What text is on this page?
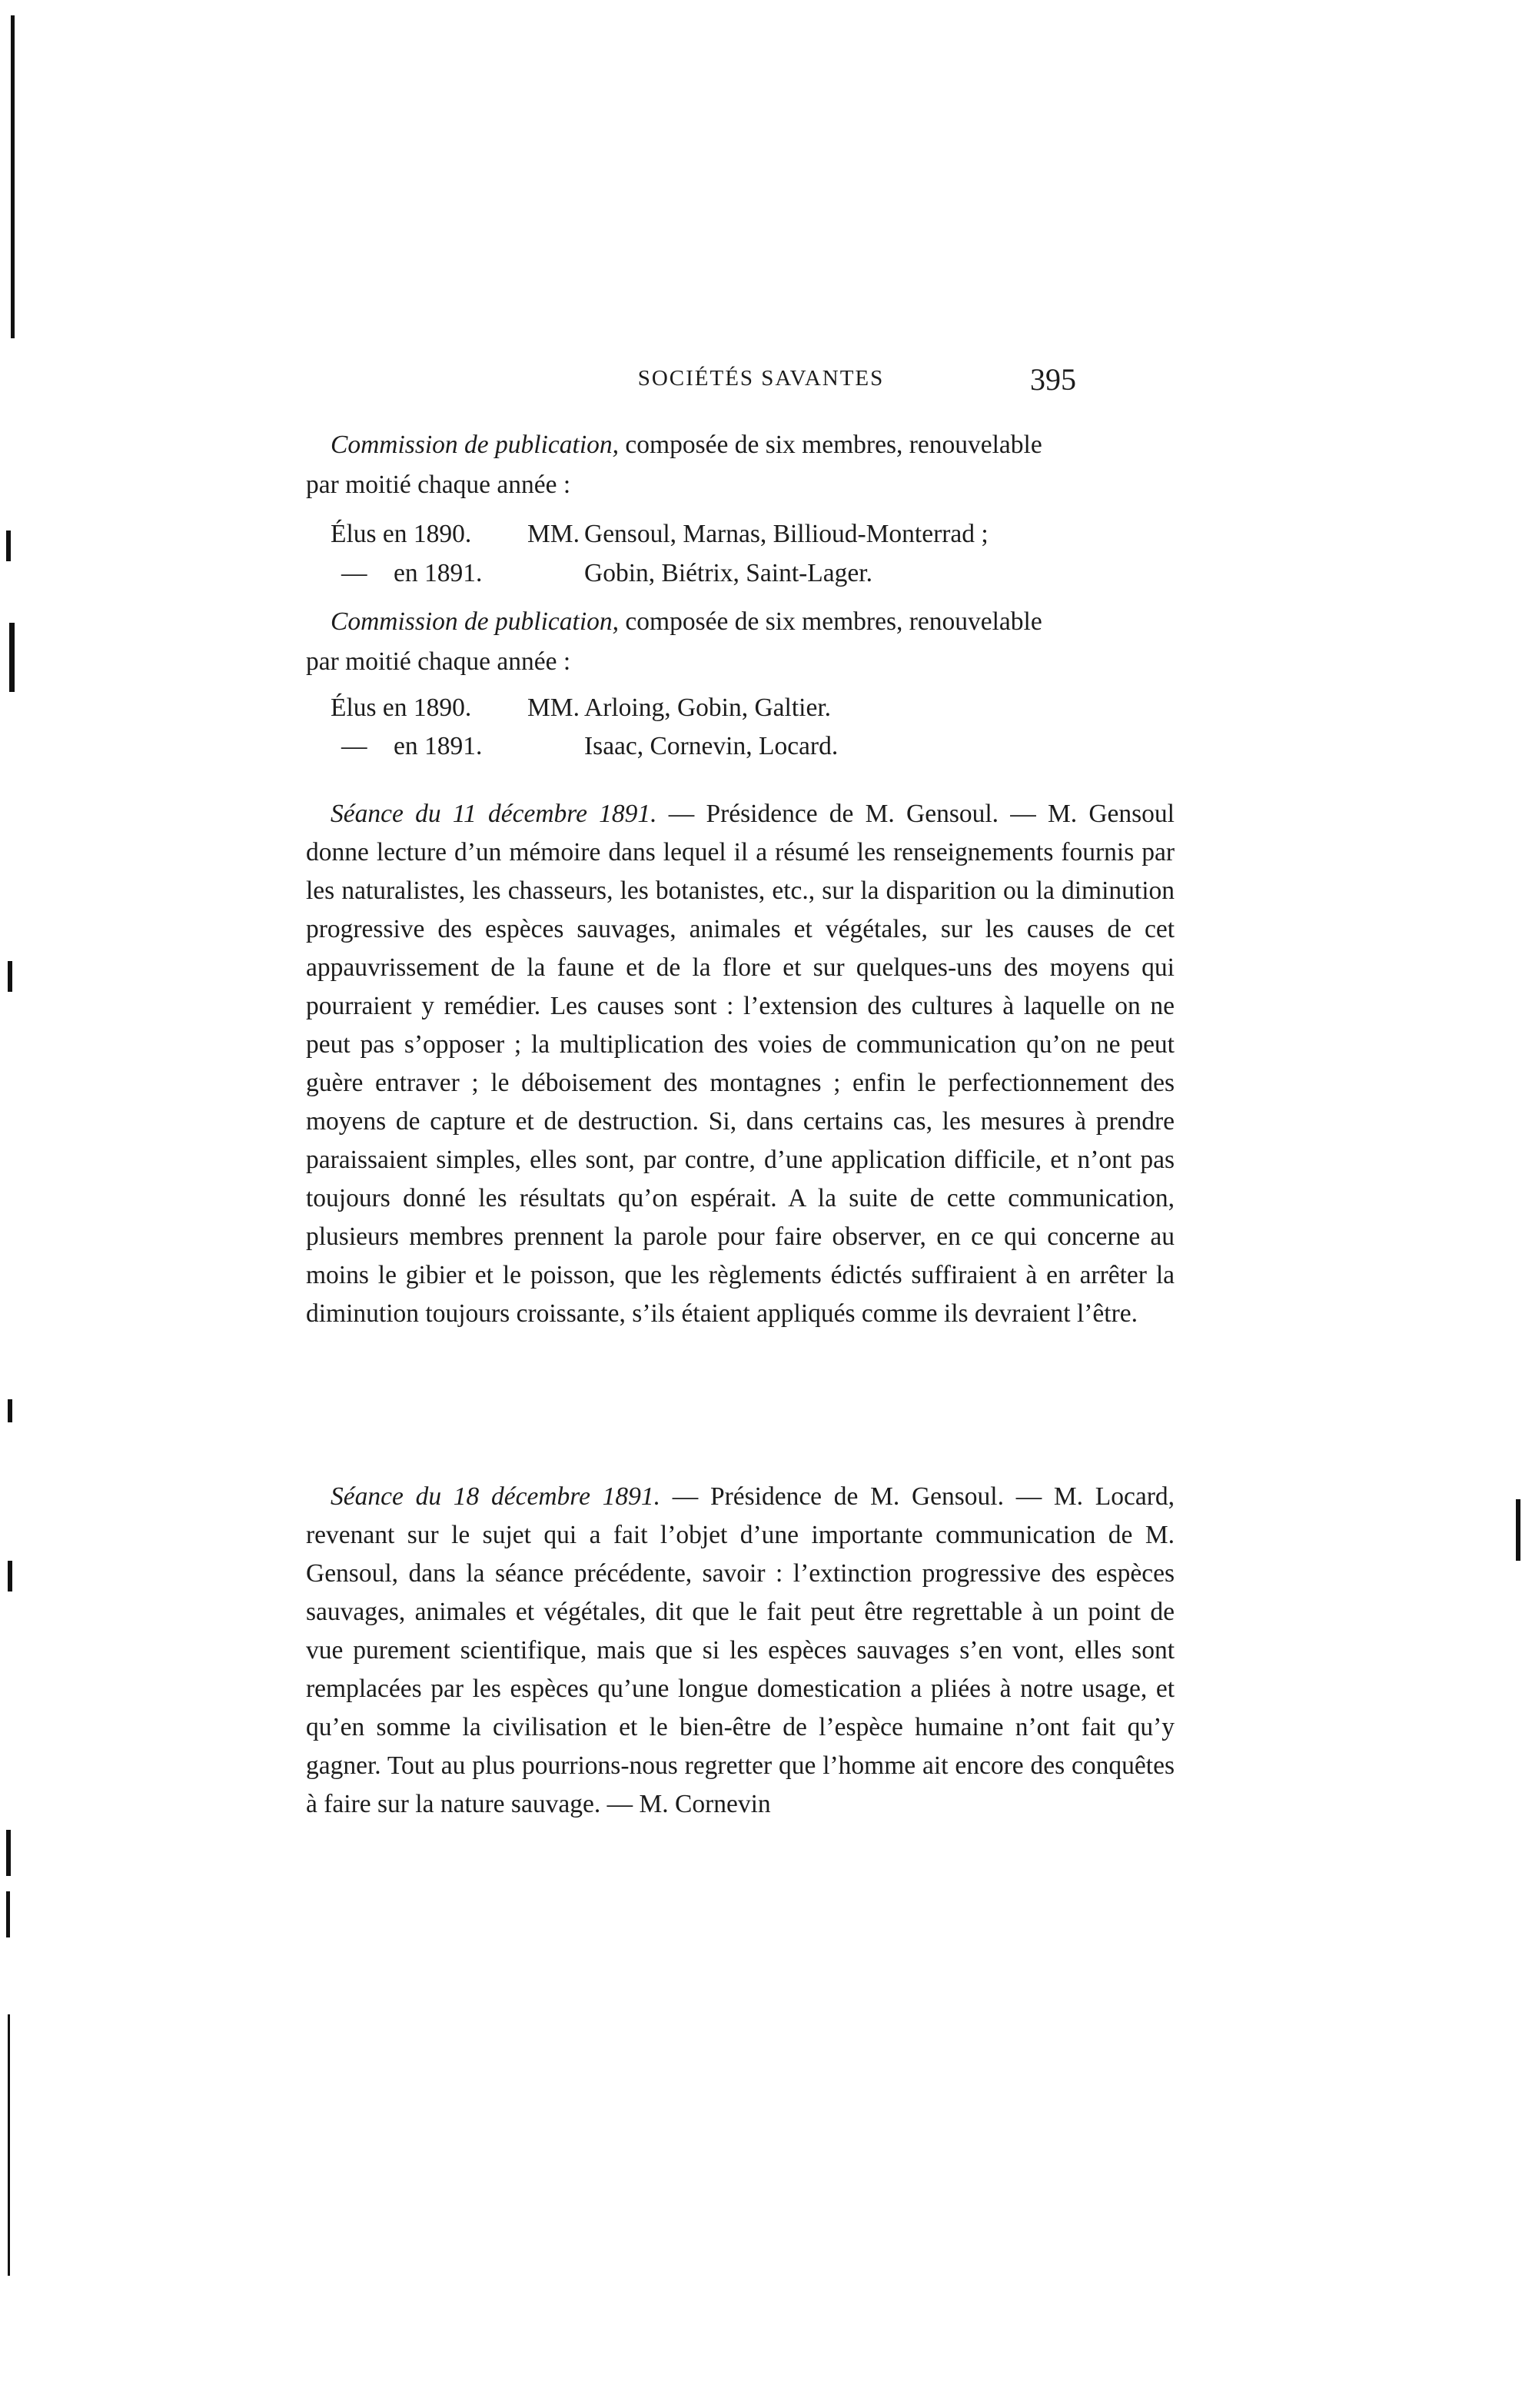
SOCIÉTÉS SAVANTES	395
Commission de publication, composée de six membres, renouvelable
par moitié chaque année :
Élus en 1890. MM. Gensoul, Marnas, Billioud-Monterrad ;
— en 1891.	Gobin, Biétrix, Saint-Lager.
Commission de publication, composée de six membres, renouvelable
par moitié chaque année :
Élus en 1890. MM. Arloing, Gobin, Galtier.
— en 1891.	Isaac, Cornevin, Locard.
Séance du 11 décembre 1891. — Présidence de M. Gensoul. — M. Gensoul donne lecture d’un mémoire dans lequel il a résumé les renseignements fournis par les naturalistes, les chasseurs, les botanistes, etc., sur la disparition ou la diminution progressive des espèces sauvages, animales et végétales, sur les causes de cet appauvrissement de la faune et de la flore et sur quelques-uns des moyens qui pourraient y remédier. Les causes sont : l’extension des cultures à laquelle on ne peut pas s’opposer ; la multiplication des voies de communication qu’on ne peut guère entraver ; le déboisement des montagnes ; enfin le perfectionnement des moyens de capture et de destruction. Si, dans certains cas, les mesures à prendre paraissaient simples, elles sont, par contre, d’une application difficile, et n’ont pas toujours donné les résultats qu’on espérait. A la suite de cette communication, plusieurs membres prennent la parole pour faire observer, en ce qui concerne au moins le gibier et le poisson, que les règlements édictés suffiraient à en arrêter la diminution toujours croissante, s’ils étaient appliqués comme ils devraient l’être.
Séance du 18 décembre 1891. — Présidence de M. Gensoul. — M. Locard, revenant sur le sujet qui a fait l’objet d’une importante communication de M. Gensoul, dans la séance précédente, savoir : l’extinction progressive des espèces sauvages, animales et végétales, dit que le fait peut être regrettable à un point de vue purement scientifique, mais que si les espèces sauvages s’en vont, elles sont remplacées par les espèces qu’une longue domestication a pliées à notre usage, et qu’en somme la civilisation et le bien-être de l’espèce humaine n’ont fait qu’y gagner. Tout au plus pourrions-nous regretter que l’homme ait encore des conquêtes à faire sur la nature sauvage. — M. Cornevin
